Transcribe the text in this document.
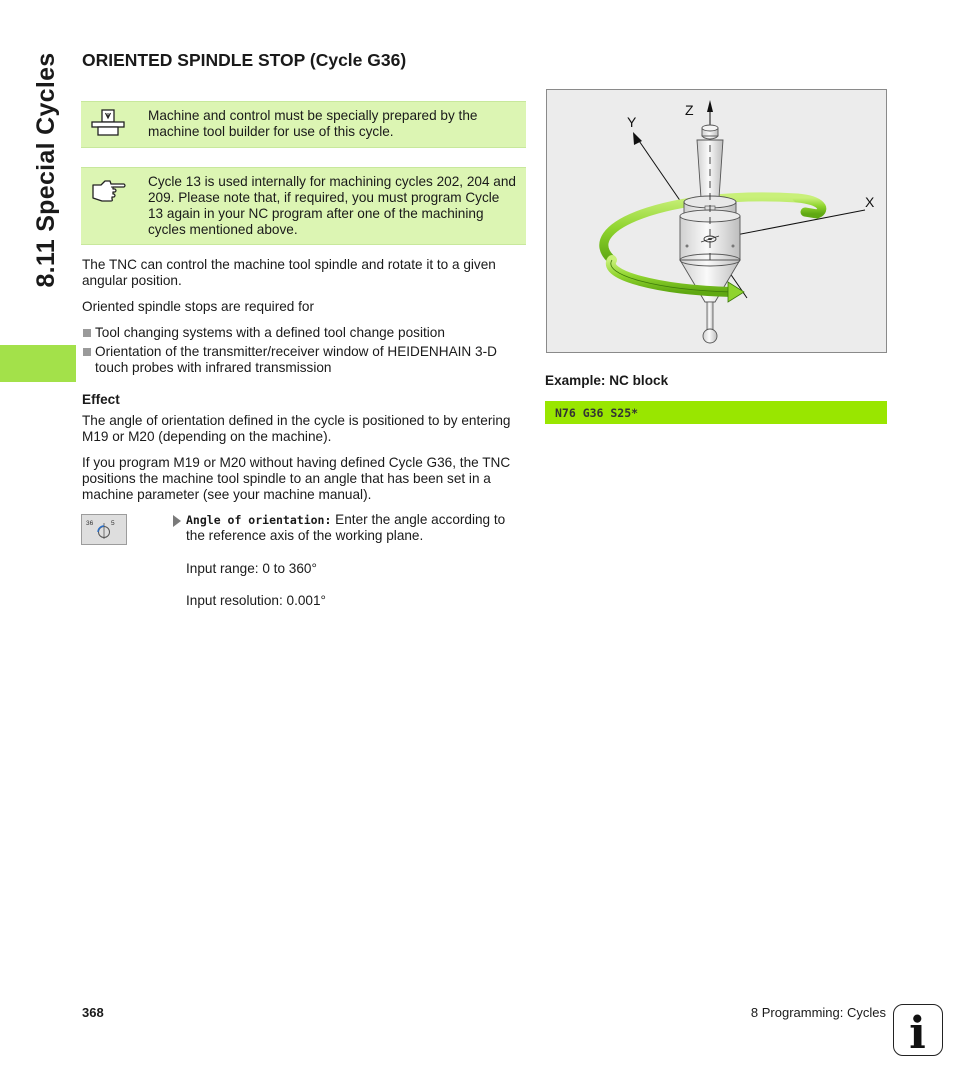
8.11 Special Cycles ORIENTED SPINDLE STOP (Cycle G36)
Machine and control must be specially prepared by the machine tool builder for use of this cycle.
Cycle 13 is used internally for machining cycles 202, 204 and 209. Please note that, if required, you must program Cycle 13 again in your NC program after one of the machining cycles mentioned above.

The TNC can control the machine tool spindle and rotate it to a given angular position.

Oriented spindle stops are required for

Tool changing systems with a defined tool change position
Orientation of the transmitter/receiver window of HEIDENHAIN 3-D touch probes with infrared transmission
Effect

The angle of orientation defined in the cycle is positioned to by entering M19 or M20 (depending on the machine).

If you program M19 or M20 without having defined Cycle G36, the TNC positions the machine tool spindle to an angle that has been set in a machine parameter (see your machine manual).

36	5	Angle of orientation: Enter the angle according to the reference axis of the working plane.
Input range: 0 to 360°
Input resolution: 0.001°
Z
Y
X
Example: NC block
N76 G36 S25*
368	8 Programming: Cycles i
